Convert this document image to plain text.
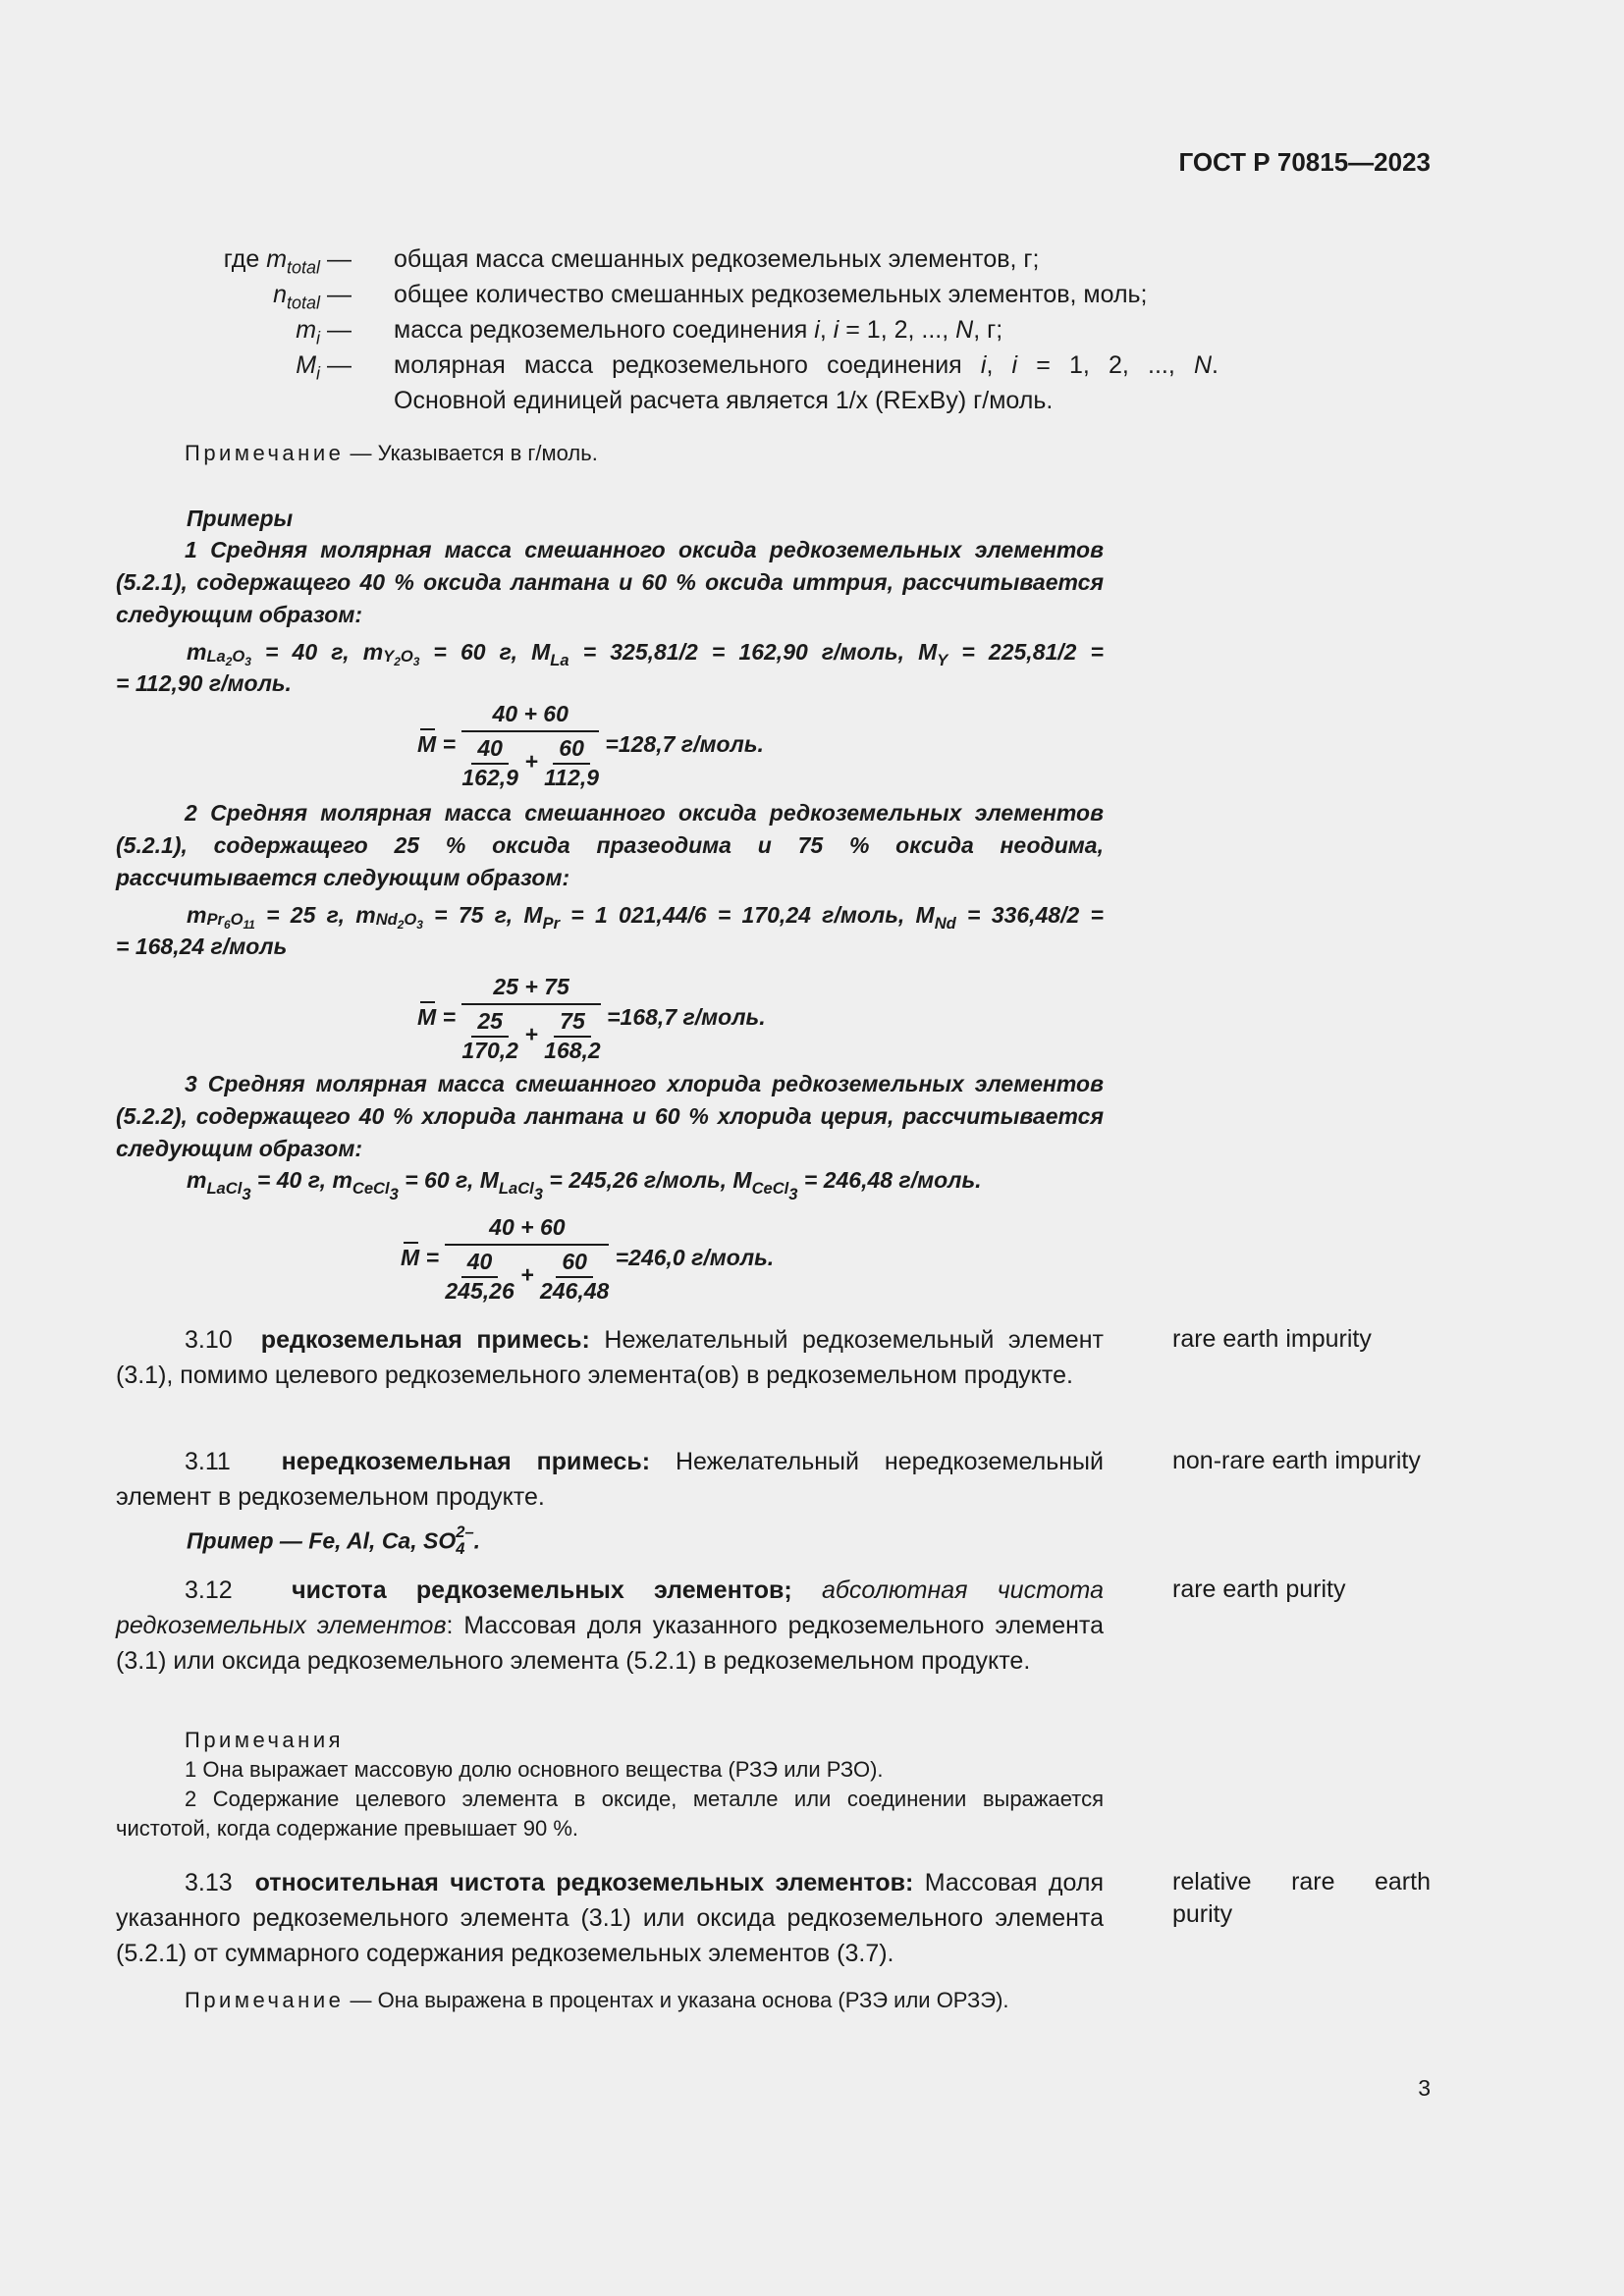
ГОСТ Р 70815—2023
где $m_{total}$ — общая масса смешанных редкоземельных элементов, г;
$n_{total}$ — общее количество смешанных редкоземельных элементов, моль;
$m_i$ — масса редкоземельного соединения i, i = 1, 2, ..., N, г;
$M_i$ — молярная масса редкоземельного соединения i, i = 1, 2, ..., N.
Основной единицей расчета является 1/x (RExBy) г/моль.
Примечание — Указывается в г/моль.
Примеры
1 Средняя молярная масса смешанного оксида редкоземельных элементов (5.2.1), содержащего 40 % оксида лантана и 60 % оксида иттрия, рассчитывается следующим образом:
m $La_2O_3 = 40$ г, m $Y_2O_3 = 60$ г, $M_{La} = 325,81/2 = 162,90$ г/моль, $M_Y = 225,81/2$ =
= 112,90 г/моль.
$M = \frac{40 + 60}{\frac{40}{162,9} + \frac{60}{112,9}} =128,7$ г/моль.
2 Средняя молярная масса смешанного оксида редкоземельных элементов (5.2.1), содержащего 25 % оксида празеодима и 75 % оксида неодима, рассчитывается следующим образом:
m $Pr_6O_{11} = 25$ г, m $Nd_2O_3 = 75$ г, $M_{Pr} = 1$ 021,44/6 = 170,24 г/моль, $M_{Nd} = 336,48/2$ =
= 168,24 г/моль
$M = \frac{25 + 75}{\frac{25}{170,2} + \frac{75}{168,2}} =168,7$ г/моль.
3 Средняя молярная масса смешанного хлорида редкоземельных элементов (5.2.2), содержащего 40 % хлорида лантана и 60 % хлорида церия, рассчитывается следующим образом:
$m_{LaCl}$ 3
= 40 г, $m_{CeCl}$ 3
= 60 г, $M_{LaCl}$ 3
= 245,26 г/моль, $M_{CeCl}$ 3
= 246,48 г/моль.
$M = \frac{40 + 60}{\frac{40}{245,26} + \frac{60}{246,48}} =246,0$ г/моль.
3.10 редкоземельная примесь: Нежелательный редкоземельный элемент (3.1), помимо целевого редкоземельного элемента(ов) в редкоземельном продукте.
rare earth impurity
3.11 нередкоземельная примесь: Нежелательный нередкоземельный элемент в редкоземельном продукте.
non-rare earth impurity
Пример — Fe, Al, Ca, SO 2–
4 .
3.12 чистота редкоземельных элементов; абсолютная чистота редкоземельных элементов: Массовая доля указанного редкоземельного элемента (3.1) или оксида редкоземельного элемента (5.2.1) в редкоземельном продукте.
rare earth purity
Примечания
1 Она выражает массовую долю основного вещества (РЗЭ или РЗО).
2 Содержание целевого элемента в оксиде, металле или соединении выражается чистотой, когда содержание превышает 90 %.
3.13 относительная чистота редкоземельных элементов: Массовая доля указанного редкоземельного элемента (3.1) или оксида редкоземельного элемента (5.2.1) от суммарного содержания редкоземельных элементов (3.7).
relative rare earth purity
Примечание — Она выражена в процентах и указана основа (РЗЭ или ОРЗЭ).
3
